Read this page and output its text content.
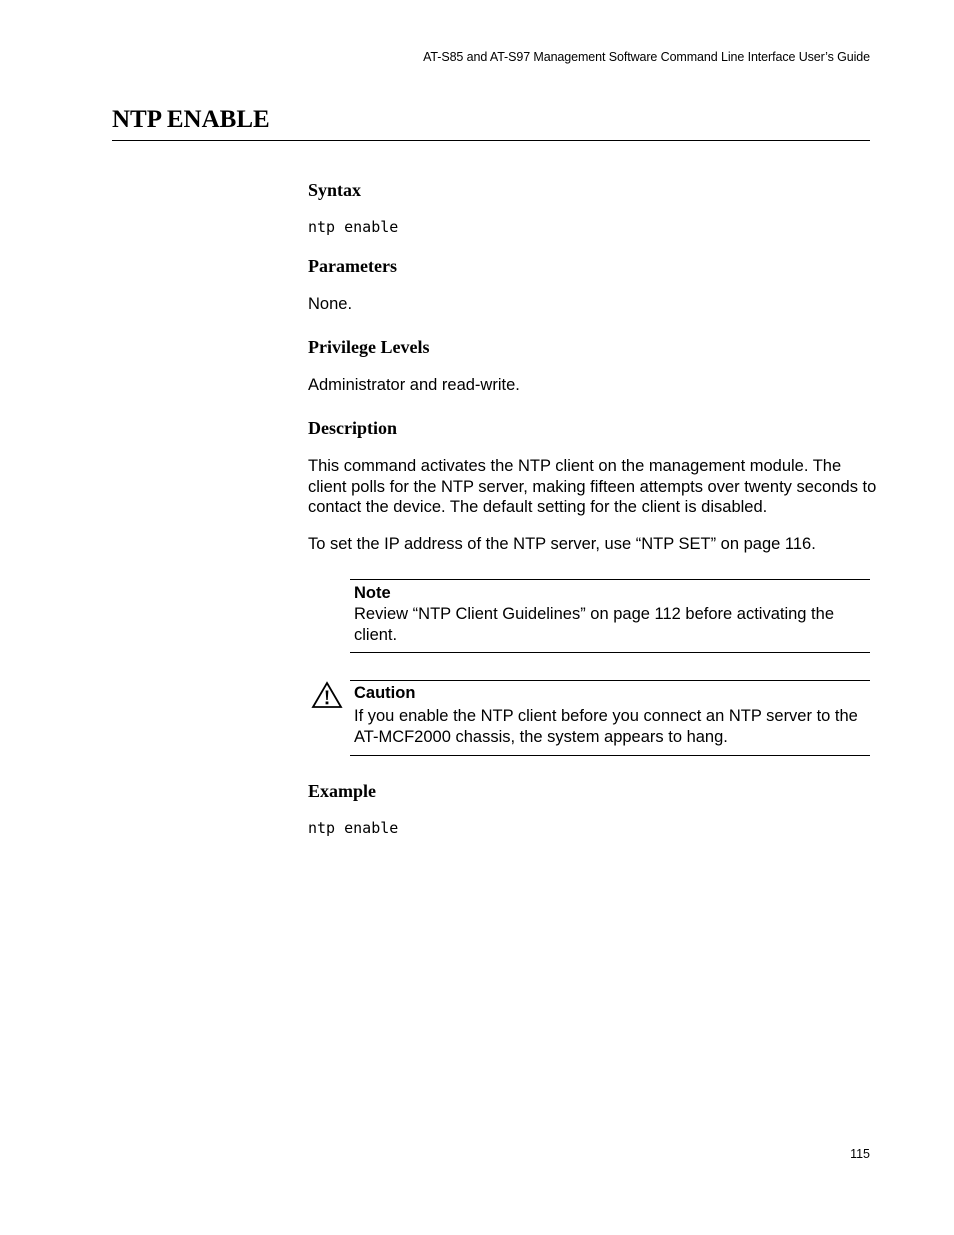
AT-S85 and AT-S97 Management Software Command Line Interface User’s Guide
NTP ENABLE
Syntax
ntp enable
Parameters

None.

Privilege Levels

Administrator and read-write.

Description

This command activates the NTP client on the management module. The client polls for the NTP server, making fifteen attempts over twenty seconds to contact the device. The default setting for the client is disabled.

To set the IP address of the NTP server, use “NTP SET” on page 116.

Note

Review “NTP Client Guidelines” on page 112 before activating the client.

Caution

If you enable the NTP client before you connect an NTP server to the AT-MCF2000 chassis, the system appears to hang.

Example
ntp enable
115
